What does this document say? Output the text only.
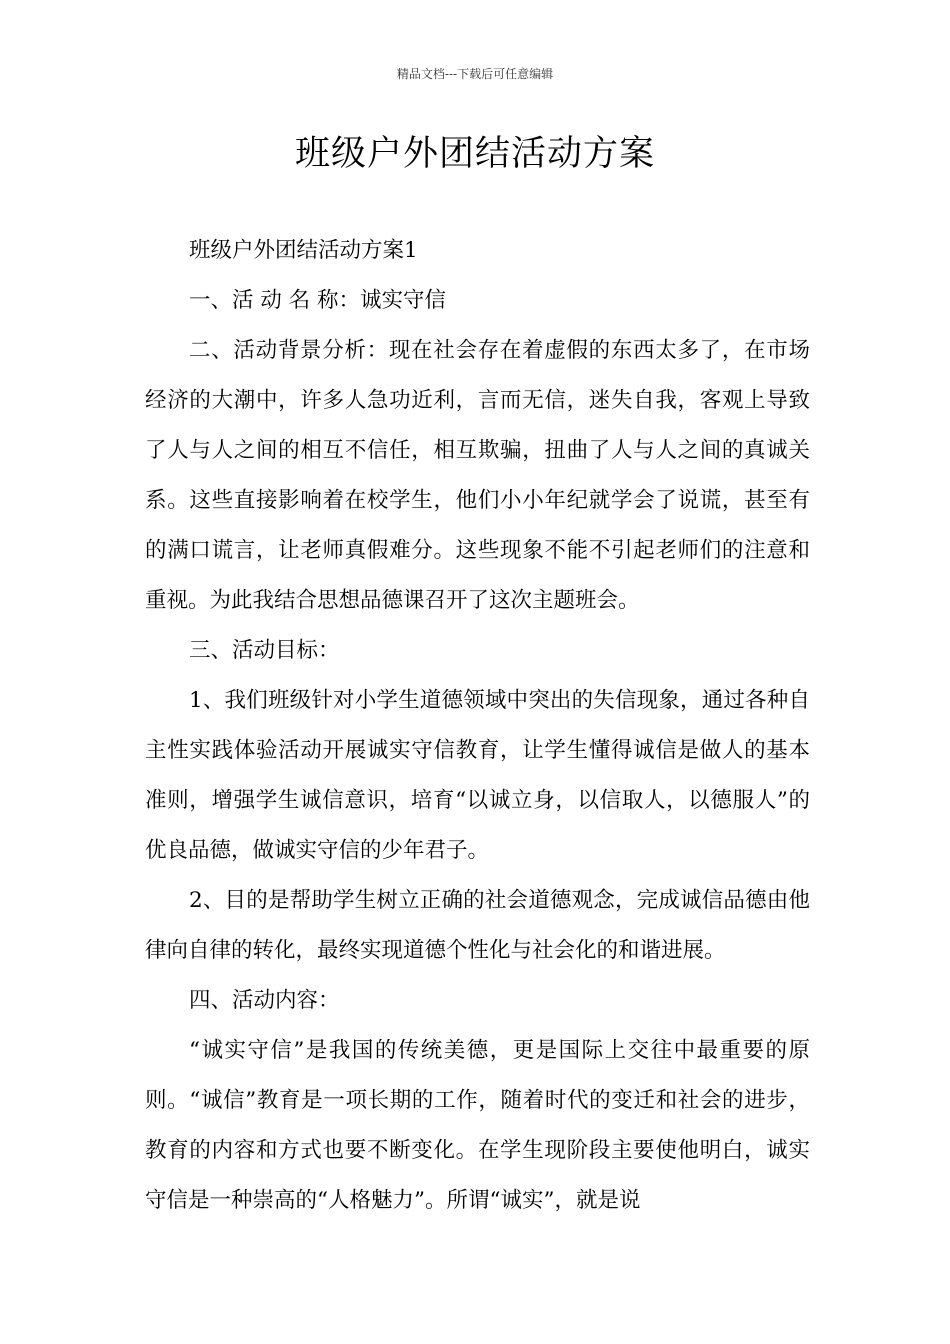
精品文档---下载后可任意编辑
班级户外团结活动方案

班级户外团结活动方案1

一、活 动 名 称：诚实守信

二、活动背景分析：现在社会存在着虚假的东西太多了，在市场经济的大潮中，许多人急功近利，言而无信，迷失自我，客观上导致了人与人之间的相互不信任，相互欺骗，扭曲了人与人之间的真诚关系。这些直接影响着在校学生，他们小小年纪就学会了说谎，甚至有的满口谎言，让老师真假难分。这些现象不能不引起老师们的注意和重视。为此我结合思想品德课召开了这次主题班会。

三、活动目标：

1、我们班级针对小学生道德领域中突出的失信现象，通过各种自主性实践体验活动开展诚实守信教育，让学生懂得诚信是做人的基本准则，增强学生诚信意识，培育“以诚立身，以信取人，以德服人”的优良品德，做诚实守信的少年君子。

2、目的是帮助学生树立正确的社会道德观念，完成诚信品德由他律向自律的转化，最终实现道德个性化与社会化的和谐进展。

四、活动内容：

“诚实守信”是我国的传统美德，更是国际上交往中最重要的原则。“诚信”教育是一项长期的工作，随着时代的变迁和社会的进步，教育的内容和方式也要不断变化。在学生现阶段主要使他明白，诚实守信是一种崇高的“人格魅力”。所谓“诚实”，就是说
